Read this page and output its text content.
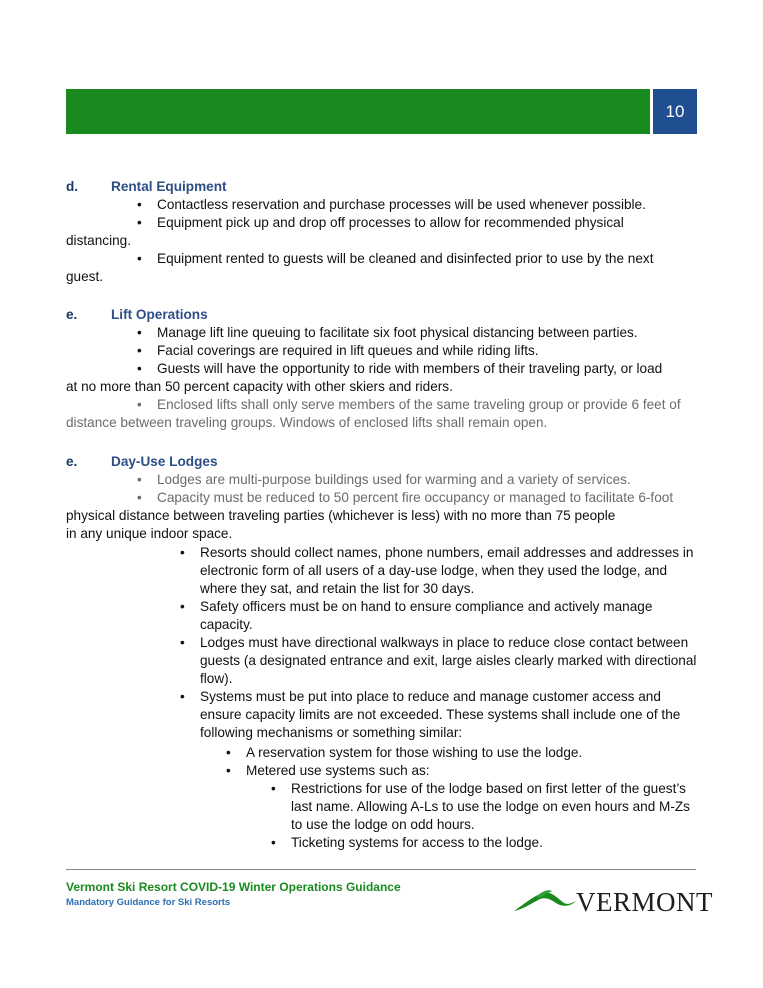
10
d. Rental Equipment
• Contactless reservation and purchase processes will be used whenever possible.
• Equipment pick up and drop off processes to allow for recommended physical
distancing.
• Equipment rented to guests will be cleaned and disinfected prior to use by the next
guest.
e. Lift Operations
• Manage lift line queuing to facilitate six foot physical distancing between parties.
• Facial coverings are required in lift queues and while riding lifts.
• Guests will have the opportunity to ride with members of their traveling party, or load
at no more than 50 percent capacity with other skiers and riders.
• Enclosed lifts shall only serve members of the same traveling group or provide 6 feet of
distance between traveling groups. Windows of enclosed lifts shall remain open.
e. Day-Use Lodges
• Lodges are multi-purpose buildings used for warming and a variety of services.
• Capacity must be reduced to 50 percent fire occupancy or managed to facilitate 6-foot
physical distance between traveling parties (whichever is less) with no more than 75 people
in any unique indoor space.
• Resorts should collect names, phone numbers, email addresses and addresses in electronic form of all users of a day-use lodge, when they used the lodge, and where they sat, and retain the list for 30 days.
• Safety officers must be on hand to ensure compliance and actively manage capacity.
• Lodges must have directional walkways in place to reduce close contact between guests (a designated entrance and exit, large aisles clearly marked with directional flow).
• Systems must be put into place to reduce and manage customer access and ensure capacity limits are not exceeded. These systems shall include one of the following mechanisms or something similar:
• A reservation system for those wishing to use the lodge.
• Metered use systems such as:
• Restrictions for use of the lodge based on first letter of the guest’s last name. Allowing A-Ls to use the lodge on even hours and M-Zs to use the lodge on odd hours.
• Ticketing systems for access to the lodge.
Vermont Ski Resort COVID-19 Winter Operations Guidance
Mandatory Guidance for Ski Resorts	VERMONT
